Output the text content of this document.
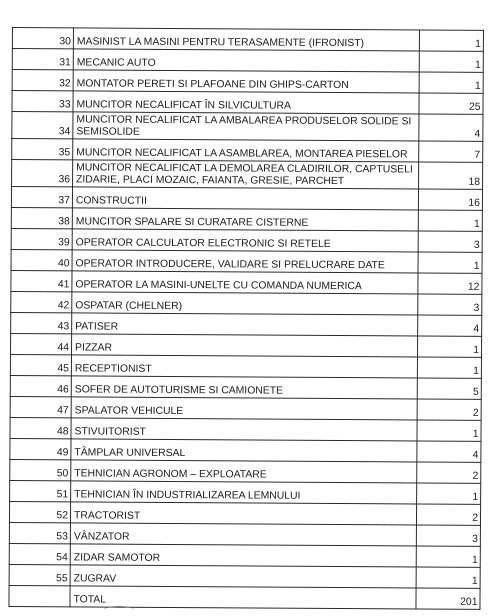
30	MASINIST LA MASINI PENTRU TERASAMENTE (IFRONIST)	1
31	MECANIC AUTO	1
32	MONTATOR PERETI SI PLAFOANE DIN GHIPS-CARTON	1
33	MUNCITOR NECALIFICAT ÎN SILVICULTURA	25
34	MUNCITOR NECALIFICAT LA AMBALAREA PRODUSELOR SOLIDE SI SEMISOLIDE	4
35	MUNCITOR NECALIFICAT LA ASAMBLAREA, MONTAREA PIESELOR	7
36	MUNCITOR NECALIFICAT LA DEMOLAREA CLADIRILOR, CAPTUSELI ZIDARIE, PLACI MOZAIC, FAIANTA, GRESIE, PARCHET	18
37	CONSTRUCTII	16
38	MUNCITOR SPALARE SI CURATARE CISTERNE	1
39	OPERATOR CALCULATOR ELECTRONIC SI RETELE	3
40	OPERATOR INTRODUCERE, VALIDARE SI PRELUCRARE DATE	1
41	OPERATOR LA MASINI-UNELTE CU COMANDA NUMERICA	12
42	OSPATAR (CHELNER)	3
43	PATISER	4
44	PIZZAR	1
45	RECEPTIONIST	1
46	SOFER DE AUTOTURISME SI CAMIONETE	5
47	SPALATOR VEHICULE	2
48	STIVUITORIST	1
49	TÂMPLAR UNIVERSAL	4
50	TEHNICIAN AGRONOM – EXPLOATARE	2
51	TEHNICIAN ÎN INDUSTRIALIZAREA LEMNULUI	1
52	TRACTORIST	2
53	VÂNZATOR	3
54	ZIDAR SAMOTOR	1
55	ZUGRAV	1
	TOTAL	201
